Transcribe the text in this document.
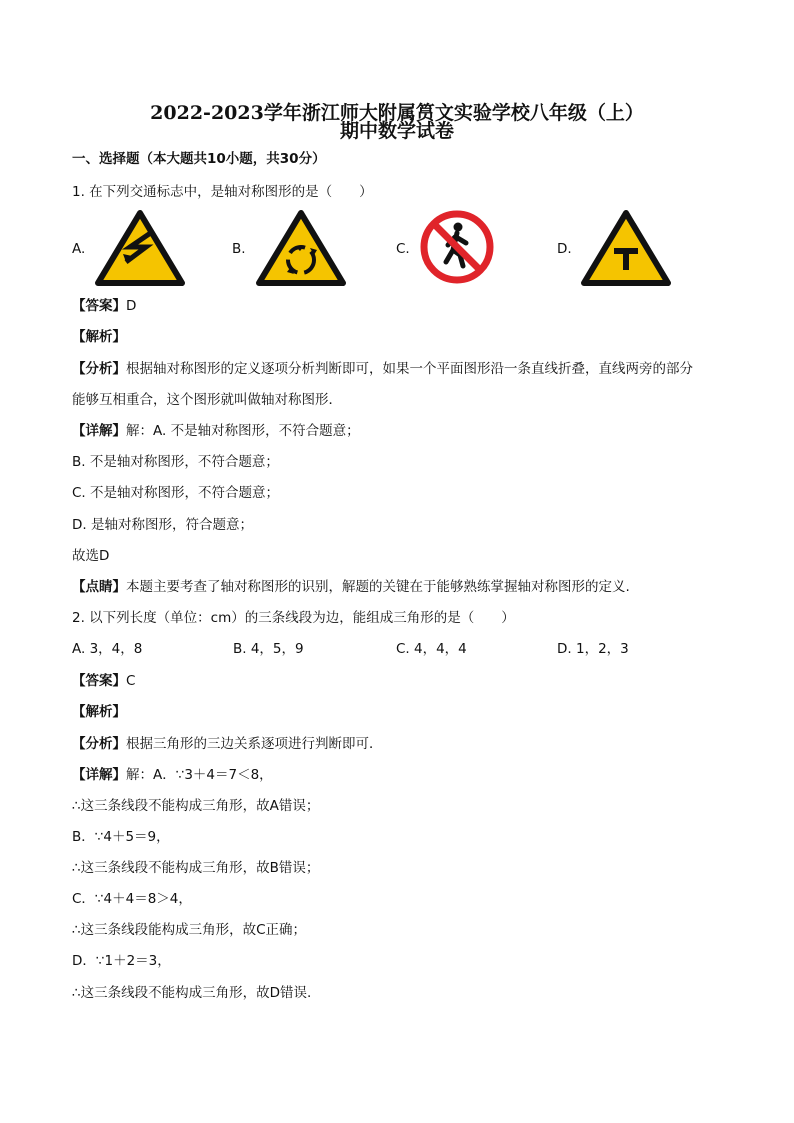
2022-2023学年浙江师大附属筼文实验学校八年级（上）
期中数学试卷
一、选择题（本大题共10小题，共30分）
1. 在下列交通标志中，是轴对称图形的是（　　）
A.	B.	C.	D.
【答案】D
【解析】
【分析】根据轴对称图形的定义逐项分析判断即可，如果一个平面图形沿一条直线折叠，直线两旁的部分
能够互相重合，这个图形就叫做轴对称图形．
【详解】解：A. 不是轴对称图形，不符合题意；
B. 不是轴对称图形，不符合题意；
C. 不是轴对称图形，不符合题意；
D. 是轴对称图形，符合题意；
故选D
【点睛】本题主要考查了轴对称图形的识别，解题的关键在于能够熟练掌握轴对称图形的定义.
2. 以下列长度（单位：cm）的三条线段为边，能组成三角形的是（　　）
A. 3，4，8	B. 4，5，9	C. 4，4，4	D. 1，2，3
【答案】C
【解析】
【分析】根据三角形的三边关系逐项进行判断即可．
【详解】解：A．∵3＋4＝7＜8，
∴这三条线段不能构成三角形，故A错误；
B．∵4＋5＝9，
∴这三条线段不能构成三角形，故B错误；
C．∵4＋4＝8＞4，
∴这三条线段能构成三角形，故C正确；
D．∵1＋2＝3，
∴这三条线段不能构成三角形，故D错误.
